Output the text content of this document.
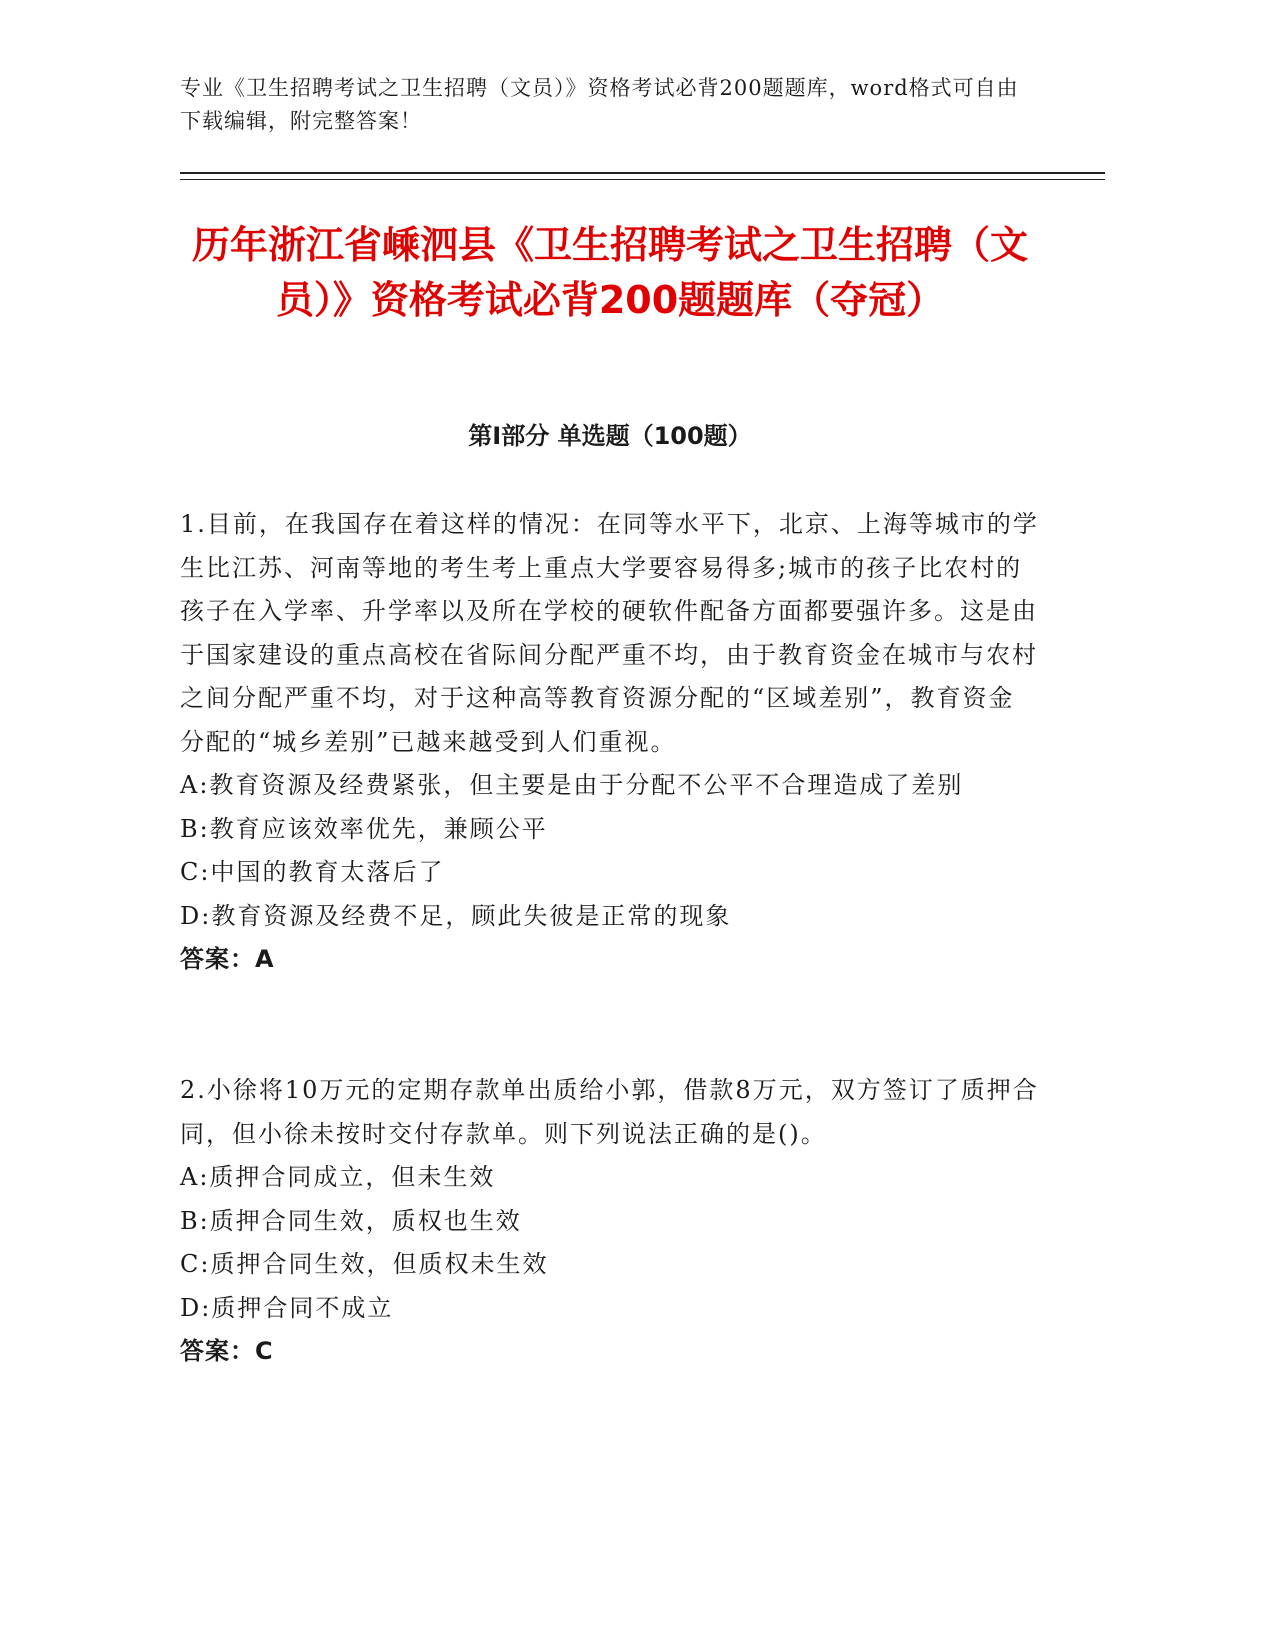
专业《卫生招聘考试之卫生招聘（文员）》资格考试必背200题题库，word格式可自由下载编辑，附完整答案！
历年浙江省嵊泗县《卫生招聘考试之卫生招聘（文员）》资格考试必背200题题库（夺冠）
第Ⅰ部分 单选题（100题）
1.目前，在我国存在着这样的情况：在同等水平下，北京、上海等城市的学生比江苏、河南等地的考生考上重点大学要容易得多;城市的孩子比农村的孩子在入学率、升学率以及所在学校的硬软件配备方面都要强许多。这是由于国家建设的重点高校在省际间分配严重不均，由于教育资金在城市与农村之间分配严重不均，对于这种高等教育资源分配的“区域差别”，教育资金分配的“城乡差别”已越来越受到人们重视。
A:教育资源及经费紧张，但主要是由于分配不公平不合理造成了差别
B:教育应该效率优先，兼顾公平
C:中国的教育太落后了
D:教育资源及经费不足，顾此失彼是正常的现象
答案：A
2.小徐将10万元的定期存款单出质给小郭，借款8万元，双方签订了质押合同，但小徐未按时交付存款单。则下列说法正确的是()。
A:质押合同成立，但未生效
B:质押合同生效，质权也生效
C:质押合同生效，但质权未生效
D:质押合同不成立
答案：C
